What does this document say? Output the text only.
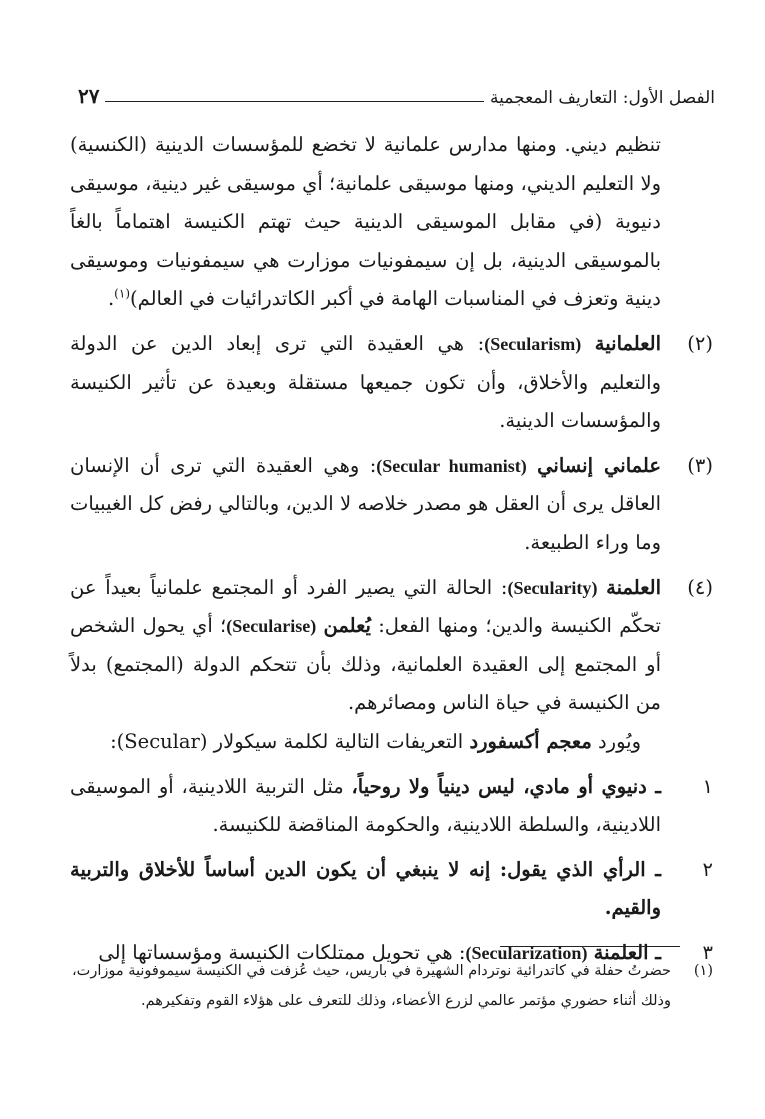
الفصل الأول: التعاريف المعجمية
٢٧

تنظيم ديني. ومنها مدارس علمانية لا تخضع للمؤسسات الدينية (الكنسية) ولا التعليم الديني، ومنها موسيقى علمانية؛ أي موسيقى غير دينية، موسيقى دنيوية (في مقابل الموسيقى الدينية حيث تهتم الكنيسة اهتماماً بالغاً بالموسيقى الدينية، بل إن سيمفونيات موزارت هي سيمفونيات وموسيقى دينية وتعزف في المناسبات الهامة في أكبر الكاتدرائيات في العالم)$^{(١)}$.

(٢)
العلمانية (Secularism): هي العقيدة التي ترى إبعاد الدين عن الدولة والتعليم والأخلاق، وأن تكون جميعها مستقلة وبعيدة عن تأثير الكنيسة والمؤسسات الدينية.
(٣)
علماني إنساني (Secular humanist): وهي العقيدة التي ترى أن الإنسان العاقل يرى أن العقل هو مصدر خلاصه لا الدين، وبالتالي رفض كل الغيبيات وما وراء الطبيعة.
(٤)
العلمنة (Secularity): الحالة التي يصير الفرد أو المجتمع علمانياً بعيداً عن تحكّم الكنيسة والدين؛ ومنها الفعل: يُعلمن (Secularise)؛ أي يحول الشخص أو المجتمع إلى العقيدة العلمانية، وذلك بأن تتحكم الدولة (المجتمع) بدلاً من الكنيسة في حياة الناس ومصائرهم.

ويُورد معجم أكسفورد التعريفات التالية لكلمة سيكولار (Secular):

١
ـ دنيوي أو مادي، ليس دينياً ولا روحياً، مثل التربية اللادينية، أو الموسيقى اللادينية، والسلطة اللادينية، والحكومة المناقضة للكنيسة.
٢
ـ الرأي الذي يقول: إنه لا ينبغي أن يكون الدين أساساً للأخلاق والتربية والقيم.
٣
ـ العلمنة (Secularization): هي تحويل ممتلكات الكنيسة ومؤسساتها إلى
(١)
حضرتُ حفلة في كاتدرائية نوتردام الشهيرة في باريس، حيث عُزفت في الكنيسة سيموفونية موزارت، وذلك أثناء حضوري مؤتمر عالمي لزرع الأعضاء، وذلك للتعرف على هؤلاء القوم وتفكيرهم.
